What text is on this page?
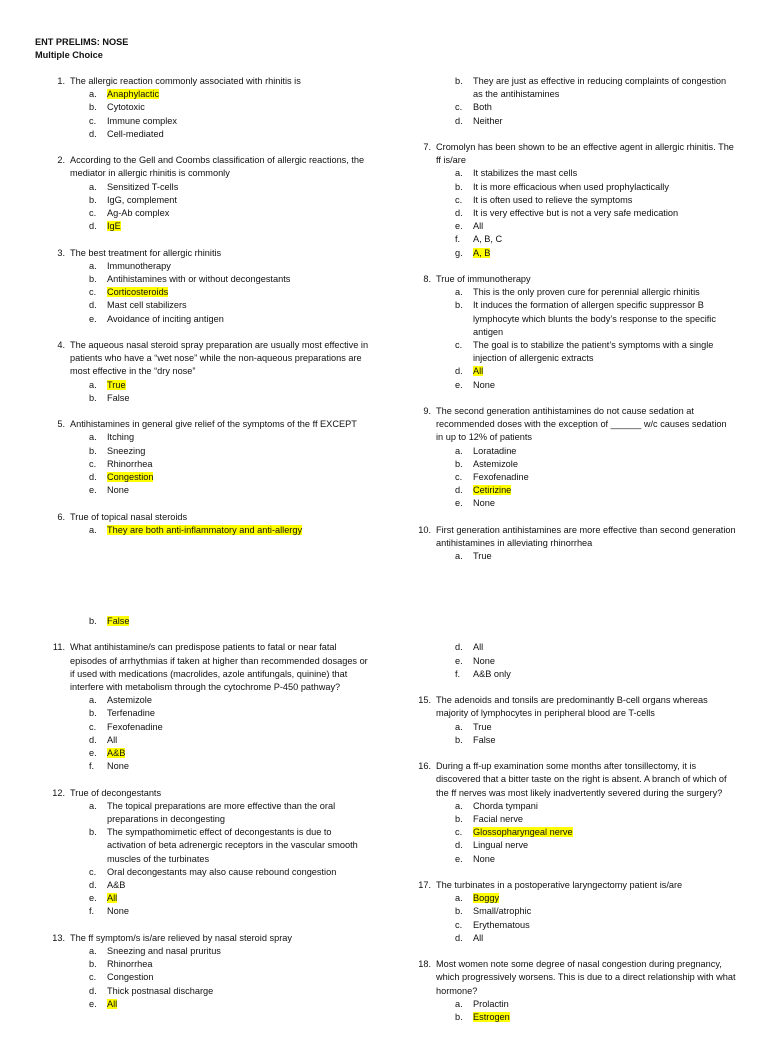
ENT PRELIMS: NOSE
Multiple Choice
1. The allergic reaction commonly associated with rhinitis is
a. Anaphylactic
b. Cytotoxic
c. Immune complex
d. Cell-mediated
2. According to the Gell and Coombs classification of allergic reactions, the mediator in allergic rhinitis is commonly
a. Sensitized T-cells
b. IgG, complement
c. Ag-Ab complex
d. IgE
3. The best treatment for allergic rhinitis
a. Immunotherapy
b. Antihistamines with or without decongestants
c. Corticosteroids
d. Mast cell stabilizers
e. Avoidance of inciting antigen
4. The aqueous nasal steroid spray preparation are usually most effective in patients who have a “wet nose” while the non-aqueous preparations are most effective in the “dry nose”
a. True
b. False
5. Antihistamines in general give relief of the symptoms of the ff EXCEPT
a. Itching
b. Sneezing
c. Rhinorrhea
d. Congestion
e. None
6. True of topical nasal steroids
a. They are both anti-inflammatory and anti-allergy
b. False
11. What antihistamine/s can predispose patients to fatal or near fatal episodes of arrhythmias if taken at higher than recommended dosages or if used with medications (macrolides, azole antifungals, quinine) that interfere with metabolism through the cytochrome P-450 pathway?
a. Astemizole
b. Terfenadine
c. Fexofenadine
d. All
e. A&B
f. None
12. True of decongestants
a. The topical preparations are more effective than the oral preparations in decongesting
b. The sympathomimetic effect of decongestants is due to activation of beta adrenergic receptors in the vascular smooth muscles of the turbinates
c. Oral decongestants may also cause rebound congestion
d. A&B
e. All
f. None
13. The ff symptom/s is/are relieved by nasal steroid spray
a. Sneezing and nasal pruritus
b. Rhinorrhea
c. Congestion
d. Thick postnasal discharge
e. All
b. They are just as effective in reducing complaints of congestion as the antihistamines
c. Both
d. Neither
7. Cromolyn has been shown to be an effective agent in allergic rhinitis. The ff is/are
a. It stabilizes the mast cells
b. It is more efficacious when used prophylactically
c. It is often used to relieve the symptoms
d. It is very effective but is not a very safe medication
e. All
f. A, B, C
g. A, B
8. True of immunotherapy
a. This is the only proven cure for perennial allergic rhinitis
b. It induces the formation of allergen specific suppressor B lymphocyte which blunts the body’s response to the specific antigen
c. The goal is to stabilize the patient’s symptoms with a single injection of allergenic extracts
d. All
e. None
9. The second generation antihistamines do not cause sedation at recommended doses with the exception of ______ w/c causes sedation in up to 12% of patients
a. Loratadine
b. Astemizole
c. Fexofenadine
d. Cetirizine
e. None
10. First generation antihistamines are more effective than second generation antihistamines in alleviating rhinorrhea
a. True
d. All
e. None
f. A&B only
15. The adenoids and tonsils are predominantly B-cell organs whereas majority of lymphocytes in peripheral blood are T-cells
a. True
b. False
16. During a ff-up examination some months after tonsillectomy, it is discovered that a bitter taste on the right is absent. A branch of which of the ff nerves was most likely inadvertently severed during the surgery?
a. Chorda tympani
b. Facial nerve
c. Glossopharyngeal nerve
d. Lingual nerve
e. None
17. The turbinates in a postoperative laryngectomy patient is/are
a. Boggy
b. Small/atrophic
c. Erythematous
d. All
18. Most women note some degree of nasal congestion during pregnancy, which progressively worsens. This is due to a direct relationship with what hormone?
a. Prolactin
b. Estrogen
